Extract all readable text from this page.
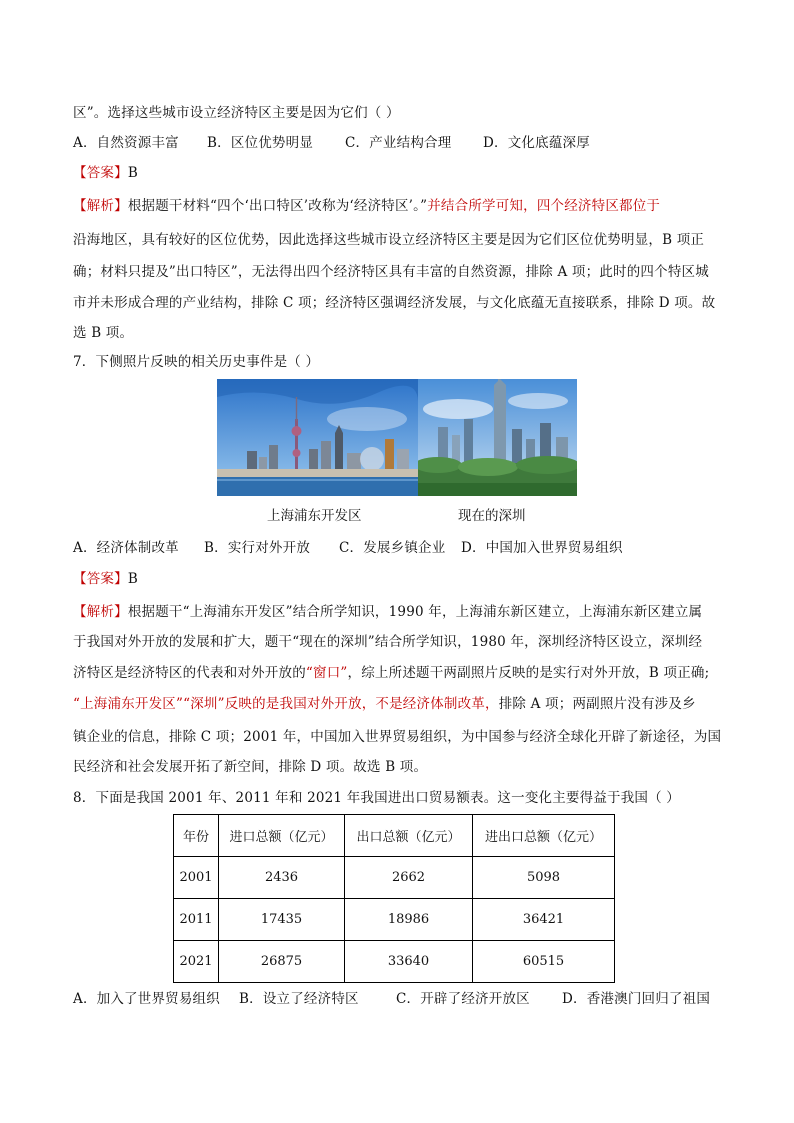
区”。选择这些城市设立经济特区主要是因为它们（ ）
A．自然资源丰富 B．区位优势明显 C．产业结构合理 D．文化底蕴深厚
【答案】B
【解析】根据题干材料“四个‘出口特区’改称为‘经济特区’。”并结合所学可知，四个经济特区都位于
沿海地区，具有较好的区位优势，因此选择这些城市设立经济特区主要是因为它们区位优势明显，B 项正
确；材料只提及”出口特区”，无法得出四个经济特区具有丰富的自然资源，排除 A 项；此时的四个特区城
市并未形成合理的产业结构，排除 C 项；经济特区强调经济发展，与文化底蕴无直接联系，排除 D 项。故
选 B 项。
7．下侧照片反映的相关历史事件是（ ）
上海浦东开发区	现在的深圳
A．经济体制改革 B．实行对外开放 C．发展乡镇企业 D．中国加入世界贸易组织
【答案】B
【解析】根据题干“上海浦东开发区”结合所学知识，1990 年，上海浦东新区建立，上海浦东新区建立属
于我国对外开放的发展和扩大，题干“现在的深圳”结合所学知识，1980 年，深圳经济特区设立，深圳经
济特区是经济特区的代表和对外开放的“窗口”，综上所述题干两副照片反映的是实行对外开放，B 项正确;
“上海浦东开发区”“深圳”反映的是我国对外开放，不是经济体制改革，排除 A 项；两副照片没有涉及乡
镇企业的信息，排除 C 项；2001 年，中国加入世界贸易组织，为中国参与经济全球化开辟了新途径，为国
民经济和社会发展开拓了新空间，排除 D 项。故选 B 项。
8．下面是我国 2001 年、2011 年和 2021 年我国进出口贸易额表。这一变化主要得益于我国（ ）
年份	进口总额（亿元）	出口总额（亿元）	进出口总额（亿元）
2001	2436	2662	5098
2011	17435	18986	36421
2021	26875	33640	60515
A．加入了世界贸易组织 B．设立了经济特区	C．开辟了经济开放区 D．香港澳门回归了祖国
